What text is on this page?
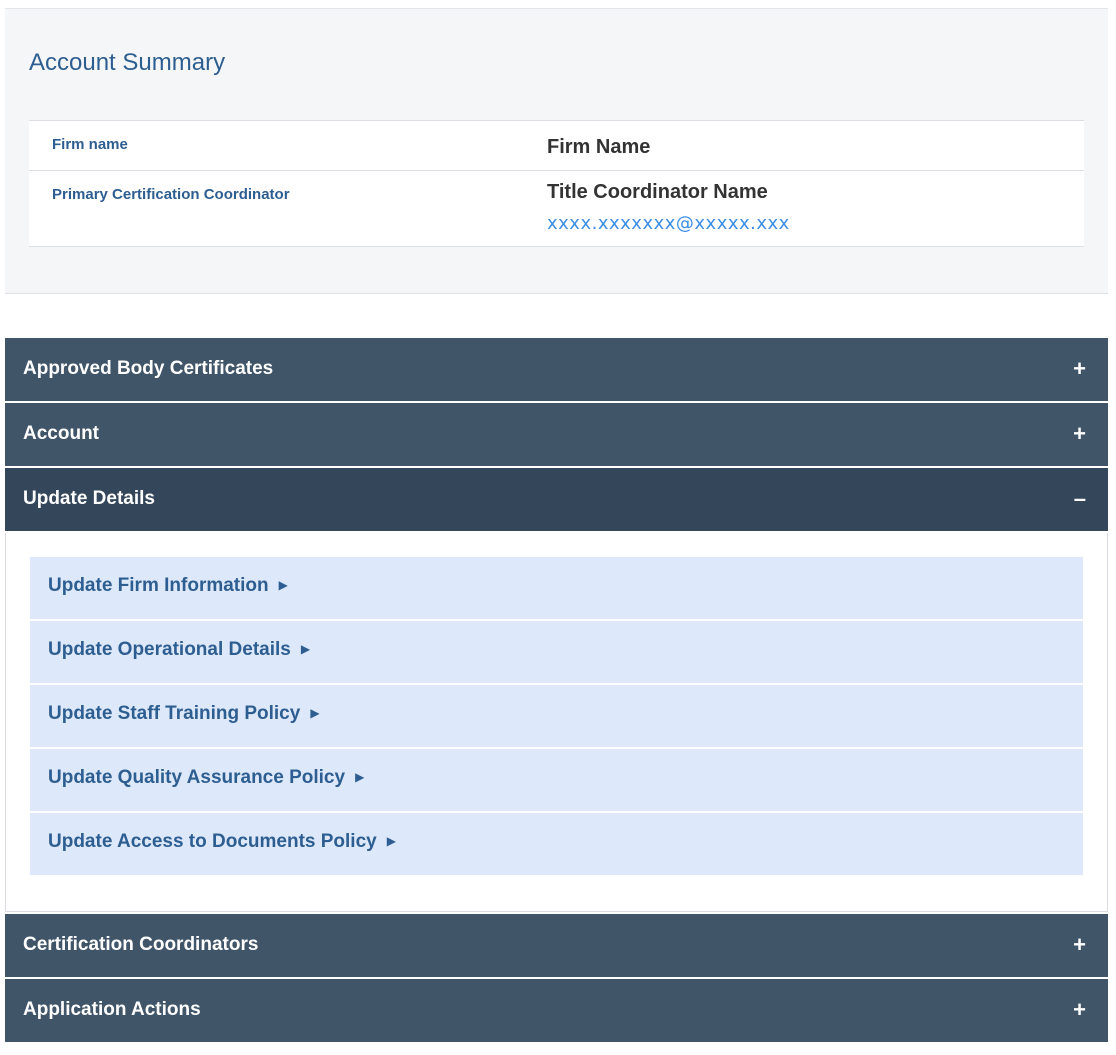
Account Summary
Firm name	Firm Name
Primary Certification Coordinator	Title Coordinator Name
xxxx.xxxxxxx@xxxxx.xxx
Approved Body Certificates	+
Account	+
Update Details	–
Update Firm Information ▶
Update Operational Details ▶
Update Staff Training Policy ▶
Update Quality Assurance Policy ▶
Update Access to Documents Policy ▶
Certification Coordinators	+
Application Actions	+
